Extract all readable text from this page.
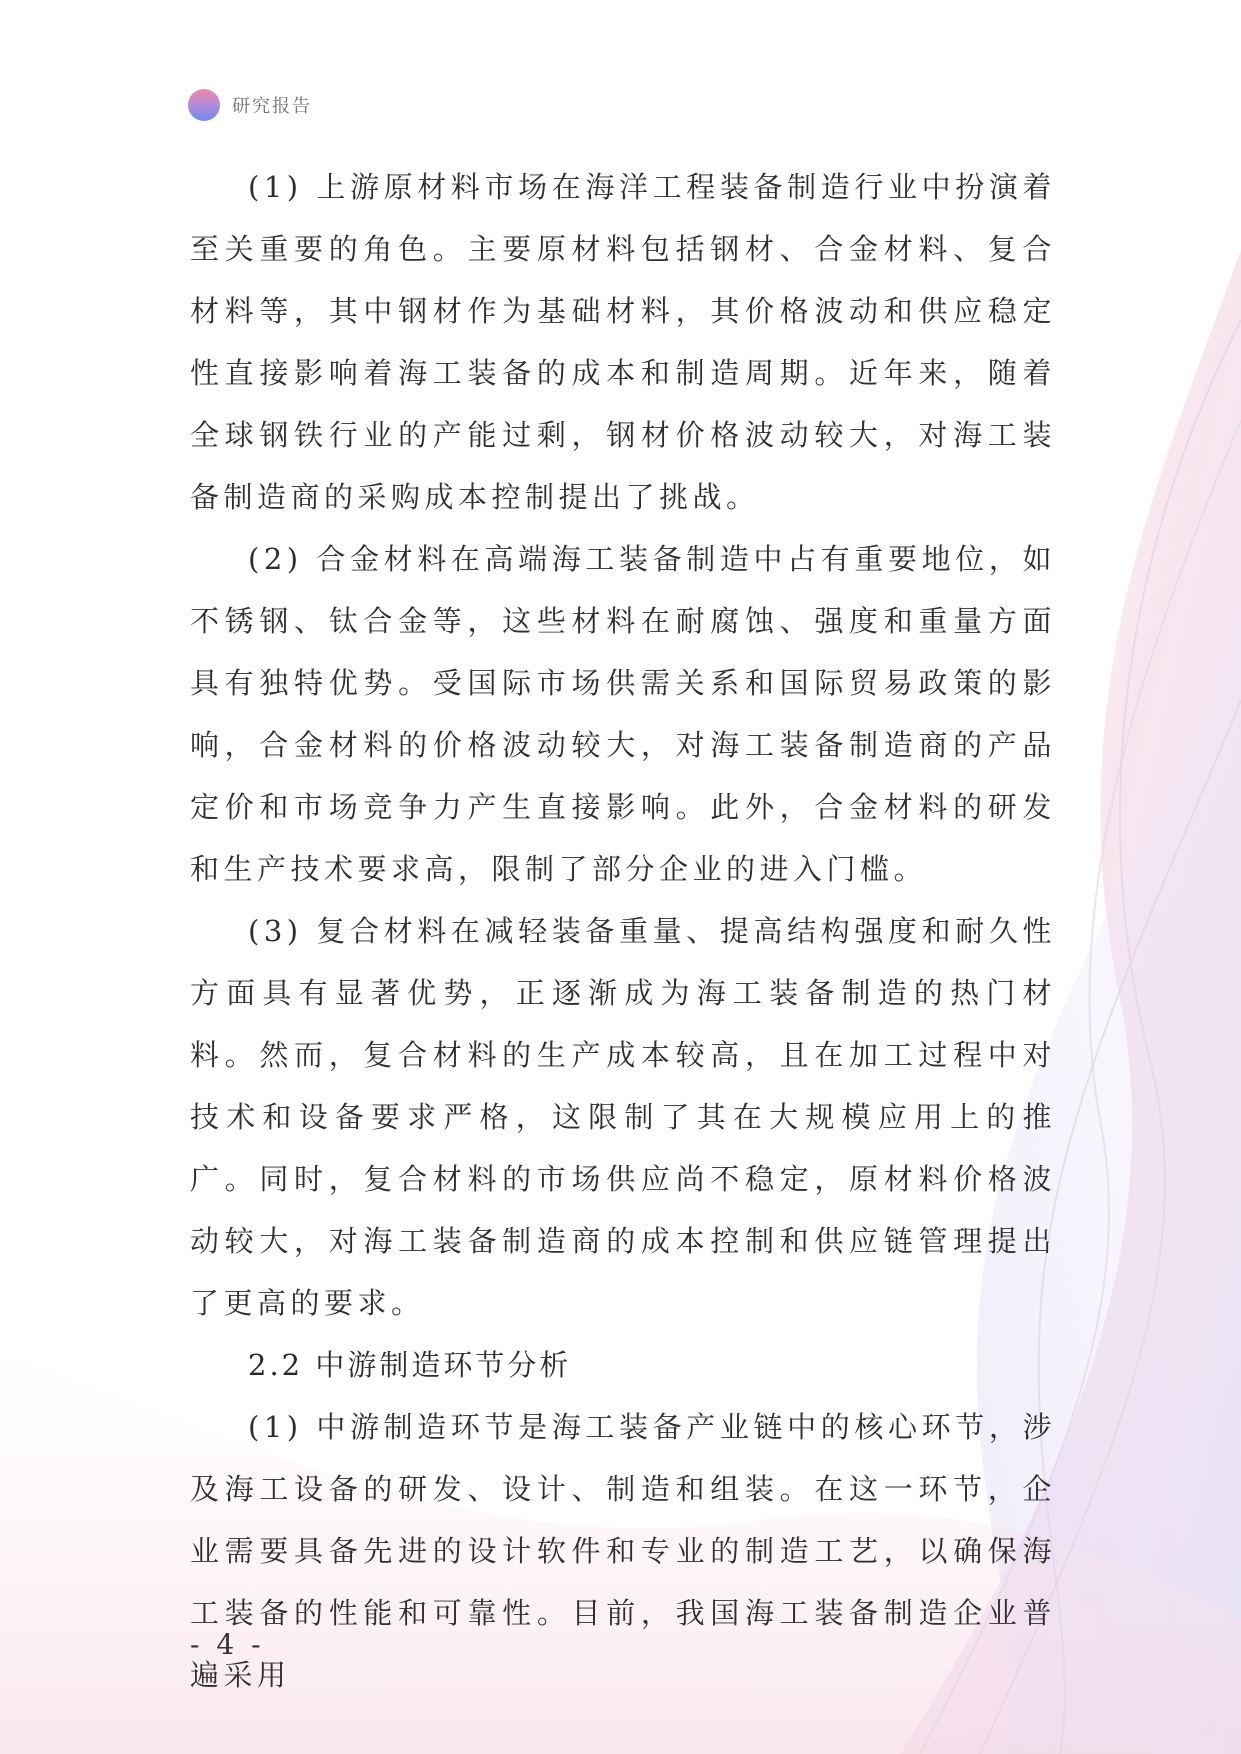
研究报告

(1) 上游原材料市场在海洋工程装备制造行业中扮演着至关重要的角色。主要原材料包括钢材、合金材料、复合材料等，其中钢材作为基础材料，其价格波动和供应稳定性直接影响着海工装备的成本和制造周期。近年来，随着全球钢铁行业的产能过剩，钢材价格波动较大，对海工装备制造商的采购成本控制提出了挑战。

(2) 合金材料在高端海工装备制造中占有重要地位，如不锈钢、钛合金等，这些材料在耐腐蚀、强度和重量方面具有独特优势。受国际市场供需关系和国际贸易政策的影响，合金材料的价格波动较大，对海工装备制造商的产品定价和市场竞争力产生直接影响。此外，合金材料的研发和生产技术要求高，限制了部分企业的进入门槛。

(3) 复合材料在减轻装备重量、提高结构强度和耐久性方面具有显著优势，正逐渐成为海工装备制造的热门材料。然而，复合材料的生产成本较高，且在加工过程中对技术和设备要求严格，这限制了其在大规模应用上的推广。同时，复合材料的市场供应尚不稳定，原材料价格波动较大，对海工装备制造商的成本控制和供应链管理提出了更高的要求。

2.2 中游制造环节分析

(1) 中游制造环节是海工装备产业链中的核心环节，涉及海工设备的研发、设计、制造和组装。在这一环节，企业需要具备先进的设计软件和专业的制造工艺，以确保海工装备的性能和可靠性。目前，我国海工装备制造企业普遍采用

- 4 -
